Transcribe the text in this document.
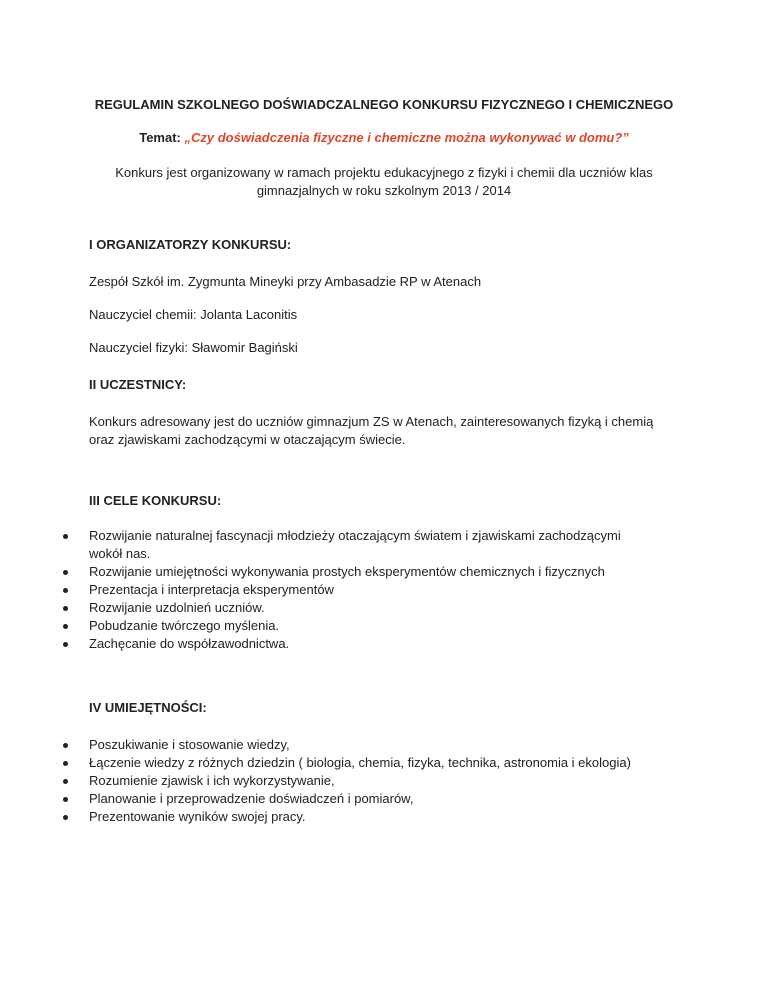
REGULAMIN SZKOLNEGO DOŚWIADCZALNEGO KONKURSU FIZYCZNEGO I CHEMICZNEGO

Temat: „Czy doświadczenia fizyczne i chemiczne można wykonywać w domu?”

Konkurs jest organizowany w ramach projektu edukacyjnego z fizyki i chemii dla uczniów klas
gimnazjalnych w roku szkolnym 2013 / 2014

I ORGANIZATORZY KONKURSU:

Zespół Szkół im. Zygmunta Mineyki przy Ambasadzie RP w Atenach

Nauczyciel chemii: Jolanta Laconitis

Nauczyciel fizyki: Sławomir Bagiński

II UCZESTNICY:

Konkurs adresowany jest do uczniów gimnazjum ZS w Atenach, zainteresowanych fizyką i chemią
oraz zjawiskami zachodzącymi w otaczającym świecie.

III CELE KONKURSU:

Rozwijanie naturalnej fascynacji młodzieży otaczającym światem i zjawiskami zachodzącymi wokół nas.
Rozwijanie umiejętności wykonywania prostych eksperymentów chemicznych i fizycznych
Prezentacja i interpretacja eksperymentów
Rozwijanie uzdolnień uczniów.
Pobudzanie twórczego myślenia.
Zachęcanie do współzawodnictwa.

IV UMIEJĘTNOŚCI:

Poszukiwanie i stosowanie wiedzy,
Łączenie wiedzy z różnych dziedzin ( biologia, chemia, fizyka, technika, astronomia i ekologia)
Rozumienie zjawisk i ich wykorzystywanie,
Planowanie i przeprowadzenie doświadczeń i pomiarów,
Prezentowanie wyników swojej pracy.
